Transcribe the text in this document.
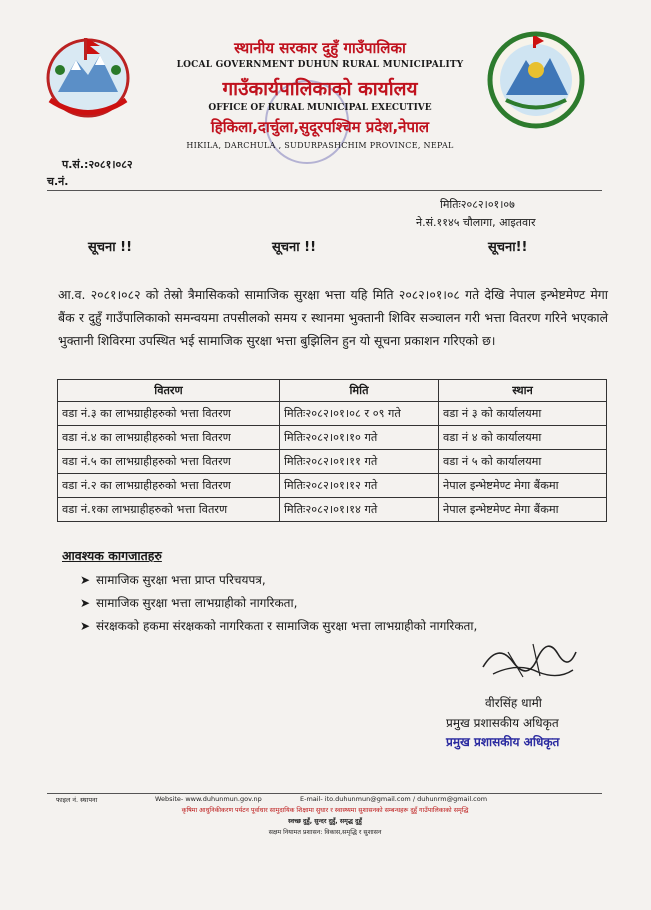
स्थानीय सरकार दुहुँ गाउँपालिका
LOCAL GOVERNMENT DUHUN RURAL MUNICIPALITY
गाउँकार्यपालिकाको कार्यालय
OFFICE OF RURAL MUNICIPAL EXECUTIVE
हिकिला,दार्चुला,सुदूरपश्चिम प्रदेश,नेपाल
HIKILA, DARCHULA , SUDURPASHCHIM PROVINCE, NEPAL
प.सं.:२०८१।०८२
च.नं.
मितिः२०८२।०१।०७
ने.सं.११४५ चौलागा, आइतवार
सूचना !!	सूचना !!	सूचना!!
आ.व. २०८१।०८२ को तेस्रो त्रैमासिकको सामाजिक सुरक्षा भत्ता यहि मिति २०८२।०१।०८ गते देखि नेपाल इन्भेष्टमेण्ट मेगा बैंक र दुहुँ गाउँपालिकाको समन्वयमा तपसीलको समय र स्थानमा भुक्तानी शिविर सञ्चालन गरी भत्ता वितरण गरिने भएकाले भुक्तानी शिविरमा उपस्थित भई सामाजिक सुरक्षा भत्ता बुझिलिन हुन यो सूचना प्रकाशन गरिएको छ।
वितरण	मिति	स्थान
वडा नं.३ का लाभग्राहीहरुको भत्ता वितरण	मितिः२०८२।०१।०८ र ०९ गते	वडा नं ३ को कार्यालयमा
वडा नं.४ का लाभग्राहीहरुको भत्ता वितरण	मितिः२०८२।०१।१० गते	वडा नं ४ को कार्यालयमा
वडा नं.५ का लाभग्राहीहरुको भत्ता वितरण	मितिः२०८२।०१।११ गते	वडा नं ५ को कार्यालयमा
वडा नं.२ का लाभग्राहीहरुको भत्ता वितरण	मितिः२०८२।०१।१२ गते	नेपाल इन्भेष्टमेण्ट मेगा बैंकमा
वडा नं.१का लाभग्राहीहरुको भत्ता वितरण	मितिः२०८२।०१।१४ गते	नेपाल इन्भेष्टमेण्ट मेगा बैंकमा
आवश्यक कागजातहरु
➤ सामाजिक सुरक्षा भत्ता प्राप्त परिचयपत्र,
➤ सामाजिक सुरक्षा भत्ता लाभग्राहीको नागरिकता,
➤ संरक्षकको हकमा संरक्षकको नागरिकता र सामाजिक सुरक्षा भत्ता लाभग्राहीको नागरिकता,
वीरसिंह धामी
प्रमुख प्रशासकीय अधिकृत
प्रमुख प्रशासकीय अधिकृत
फाइल नं. स्थापना	Website- www.duhunmun.gov.np	E-mail- ito.duhunmun@gmail.com / duhunrm@gmail.com
कृषिमा आधुनिकीकरण पर्यटन पूर्वाधार सामुदायिक शिक्षामा सुधार र स्वास्थ्यमा सुशासनको सम्बन्धहरू दुहुँ गाउँपालिकाको समृद्धि
स्वच्छ दुहुँ, सुन्दर दुहुँ, समृद्ध दुहुँ
सक्षम नियामत प्रशासन: विकास,समृद्धि र सुशासन
